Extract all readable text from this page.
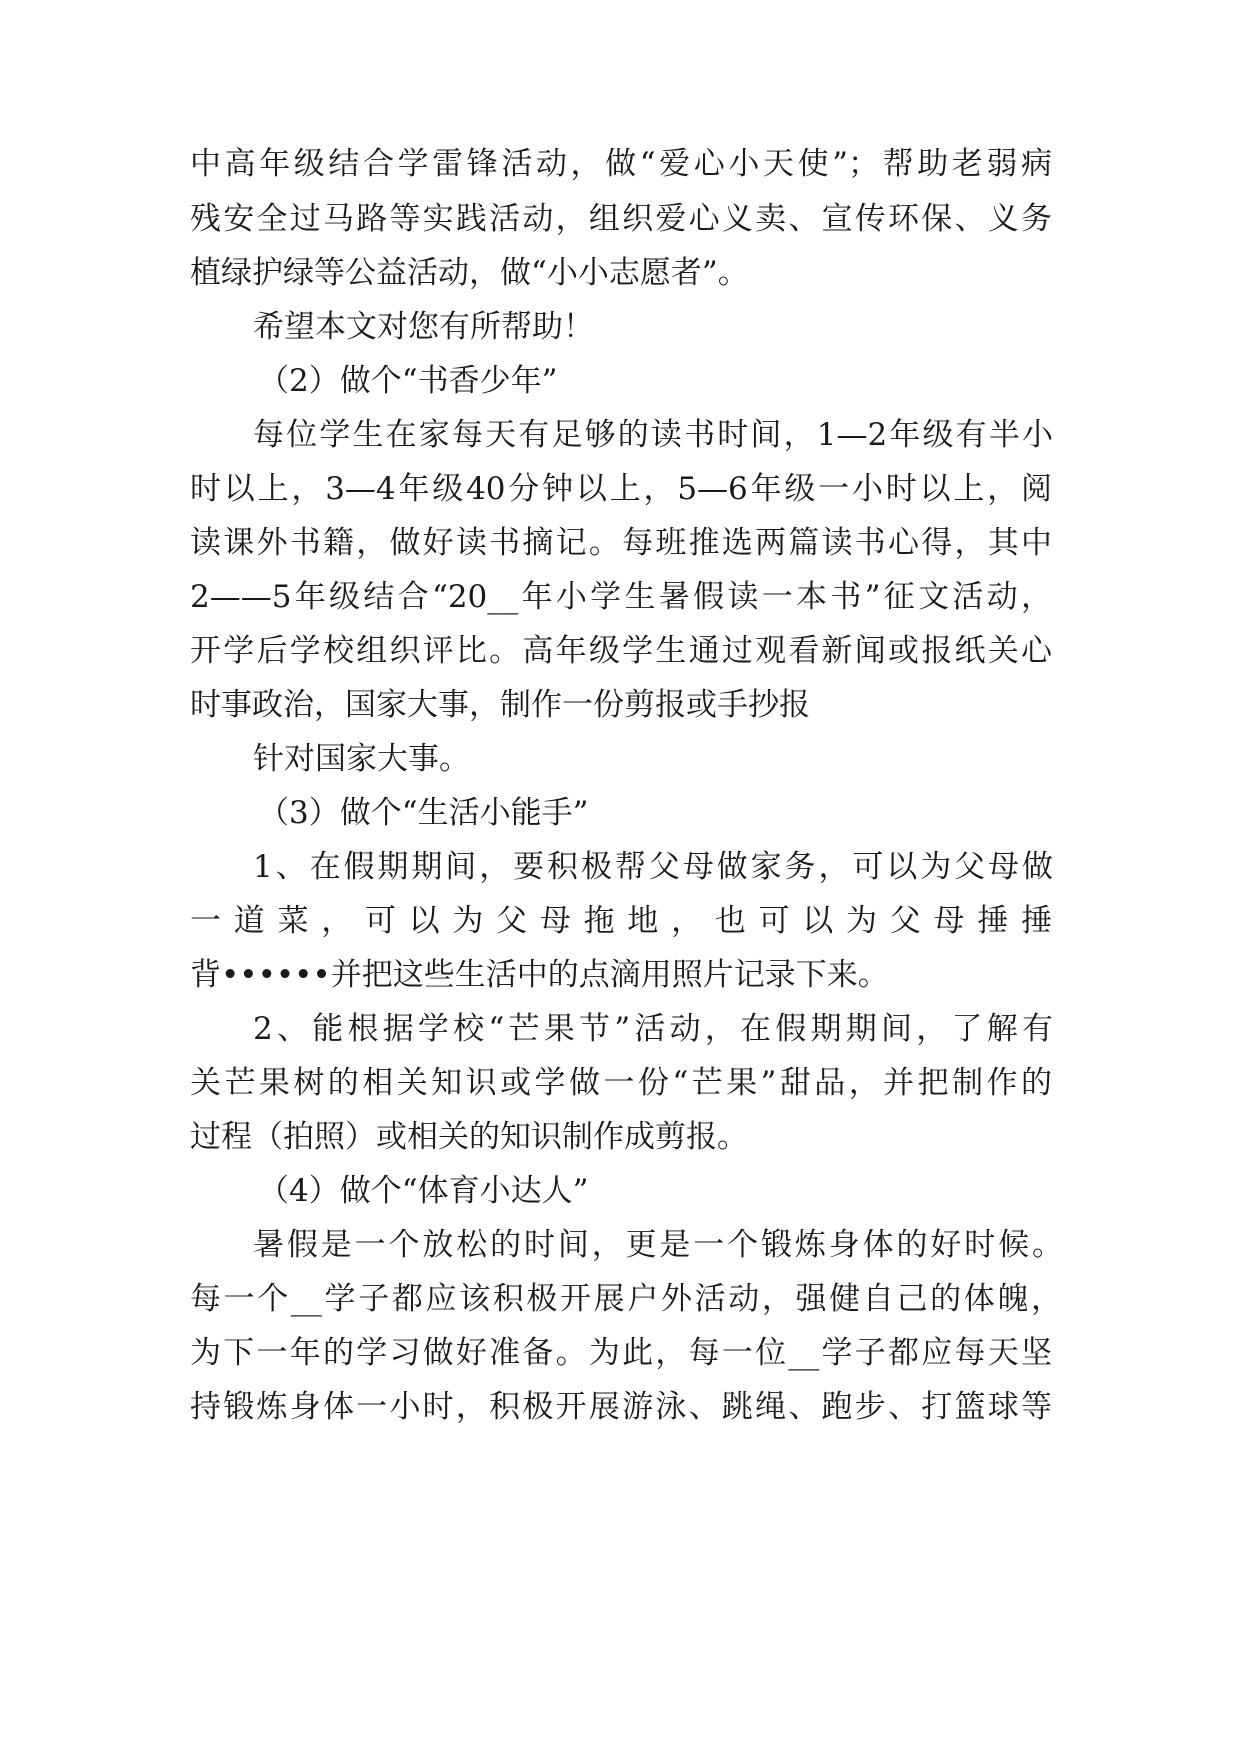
中高年级结合学雷锋活动，做“爱心小天使”；帮助老弱病
残安全过马路等实践活动，组织爱心义卖、宣传环保、义务
植绿护绿等公益活动，做“小小志愿者”。
希望本文对您有所帮助！
（2）做个“书香少年”
每位学生在家每天有足够的读书时间，1—2年级有半小
时以上，3—4年级40分钟以上，5—6年级一小时以上，阅
读课外书籍，做好读书摘记。每班推选两篇读书心得，其中
2——5年级结合“20__年小学生暑假读一本书”征文活动，
开学后学校组织评比。高年级学生通过观看新闻或报纸关心
时事政治，国家大事，制作一份剪报或手抄报
针对国家大事。
（3）做个“生活小能手”
1、在假期期间，要积极帮父母做家务，可以为父母做
一 道 菜 ， 可 以 为 父 母 拖 地 ， 也 可 以 为 父 母 捶 捶
背••••••并把这些生活中的点滴用照片记录下来。
2、能根据学校“芒果节”活动，在假期期间，了解有
关芒果树的相关知识或学做一份“芒果”甜品，并把制作的
过程（拍照）或相关的知识制作成剪报。
（4）做个“体育小达人”
暑假是一个放松的时间，更是一个锻炼身体的好时候。
每一个__学子都应该积极开展户外活动，强健自己的体魄，
为下一年的学习做好准备。为此，每一位__学子都应每天坚
持锻炼身体一小时，积极开展游泳、跳绳、跑步、打篮球等
